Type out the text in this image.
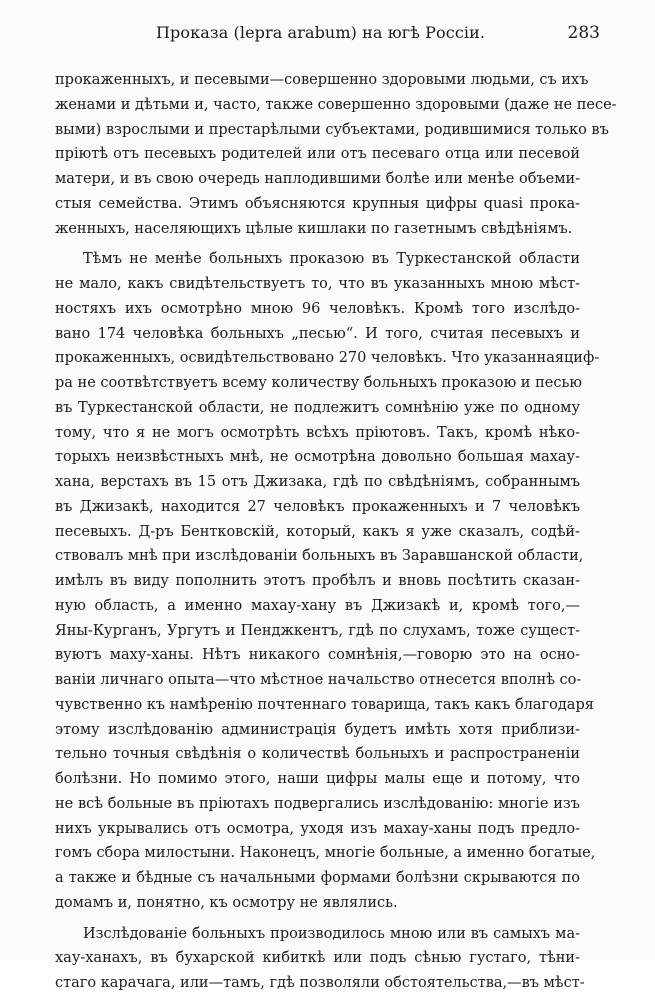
Проказа (lepra arabum) на югѣ Россіи.	283
прокаженныхъ, и песевыми—совершенно здоровыми людьми, съ ихъ
женами и дѣтьми и, часто, также совершенно здоровыми (даже не песе-
выми) взрослыми и престарѣлыми субъектами, родившимися только въ
пріютѣ отъ песевыхъ родителей или отъ песеваго отца или песевой
матери, и въ свою очередь наплодившими болѣе или менѣе объеми-
стыя семейства. Этимъ объясняются крупныя цифры quasi прока-
женныхъ, населяющихъ цѣлые кишлаки по газетнымъ свѣдѣніямъ.
Тѣмъ не менѣе больныхъ проказою въ Туркестанской области
не мало, какъ свидѣтельствуетъ то, что въ указанныхъ мною мѣст-
ностяхъ ихъ осмотрѣно мною 96 человѣкъ. Кромѣ того изслѣдо-
вано 174 человѣка больныхъ „песью“. И того, считая песевыхъ и
прокаженныхъ, освидѣтельствовано 270 человѣкъ. Что указаннаяциф-
ра не соотвѣтствуетъ всему количеству больныхъ проказою и песью
въ Туркестанской области, не подлежитъ сомнѣнію уже по одному
тому, что я не могъ осмотрѣть всѣхъ пріютовъ. Такъ, кромѣ нѣко-
торыхъ неизвѣстныхъ мнѣ, не осмотрѣна довольно большая махау-
хана, верстахъ въ 15 отъ Джизака, гдѣ по свѣдѣніямъ, собраннымъ
въ Джизакѣ, находится 27 человѣкъ прокаженныхъ и 7 человѣкъ
песевыхъ. Д-ръ Бентковскій, который, какъ я уже сказалъ, содѣй-
ствовалъ мнѣ при изслѣдованіи больныхъ въ Заравшанской области,
имѣлъ въ виду пополнить этотъ пробѣлъ и вновь посѣтить сказан-
ную область, а именно махау-хану въ Джизакѣ и, кромѣ того,—
Яны-Курганъ, Ургутъ и Пенджкентъ, гдѣ по слухамъ, тоже сущест-
вуютъ маху-ханы. Нѣтъ никакого сомнѣнія,—говорю это на осно-
ваніи личнаго опыта—что мѣстное начальство отнесется вполнѣ со-
чувственно къ намѣренію почтеннаго товарища, такъ какъ благодаря
этому изслѣдованію администрація будетъ имѣть хотя приблизи-
тельно точныя свѣдѣнія о количествѣ больныхъ и распространеніи
болѣзни. Но помимо этого, наши цифры малы еще и потому, что
не всѣ больные въ пріютахъ подвергались изслѣдованію: многіе изъ
нихъ укрывались отъ осмотра, уходя изъ махау-ханы подъ предло-
гомъ сбора милостыни. Наконецъ, многіе больные, а именно богатые,
а также и бѣдные съ начальными формами болѣзни скрываются по
домамъ и, понятно, къ осмотру не являлись.
Изслѣдованіе больныхъ производилось мною или въ самыхъ ма-
хау-ханахъ, въ бухарской кибиткѣ или подъ сѣнью густаго, тѣни-
стаго карачага, или—тамъ, гдѣ позволяли обстоятельства,—въ мѣст-
